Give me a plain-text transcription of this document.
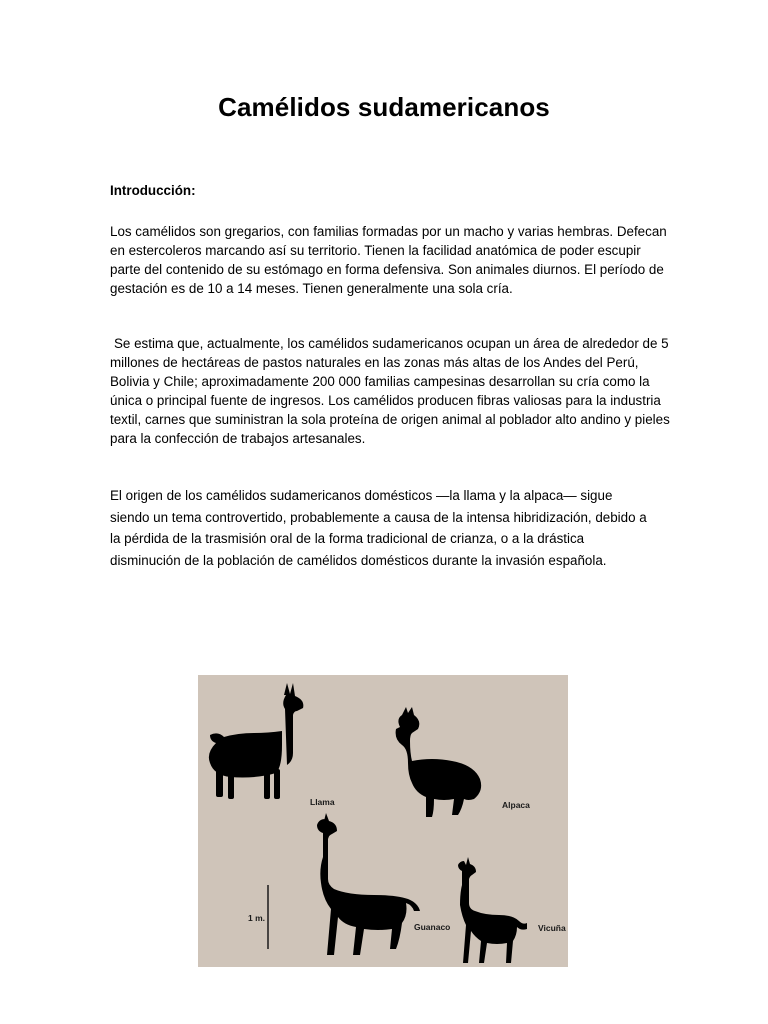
Camélidos sudamericanos

Introducción:

Los camélidos son gregarios, con familias formadas por un macho y varias hembras. Defecan en estercoleros marcando así su territorio. Tienen la facilidad anatómica de poder escupir parte del contenido de su estómago en forma defensiva. Son animales diurnos. El período de gestación es de 10 a 14 meses. Tienen generalmente una sola cría.

Se estima que, actualmente, los camélidos sudamericanos ocupan un área de alrededor de 5 millones de hectáreas de pastos naturales en las zonas más altas de los Andes del Perú, Bolivia y Chile; aproximadamente 200 000 familias campesinas desarrollan su cría como la única o principal fuente de ingresos. Los camélidos producen fibras valiosas para la industria textil, carnes que suministran la sola proteína de origen animal al poblador alto andino y pieles para la confección de trabajos artesanales.

El origen de los camélidos sudamericanos domésticos —la llama y la alpaca— sigue siendo un tema controvertido, probablemente a causa de la intensa hibridización, debido a la pérdida de la trasmisión oral de la forma tradicional de crianza, o a la drástica disminución de la población de camélidos domésticos durante la invasión española.

Llama	Alpaca
Guanaco	Vicuña
1 m.
